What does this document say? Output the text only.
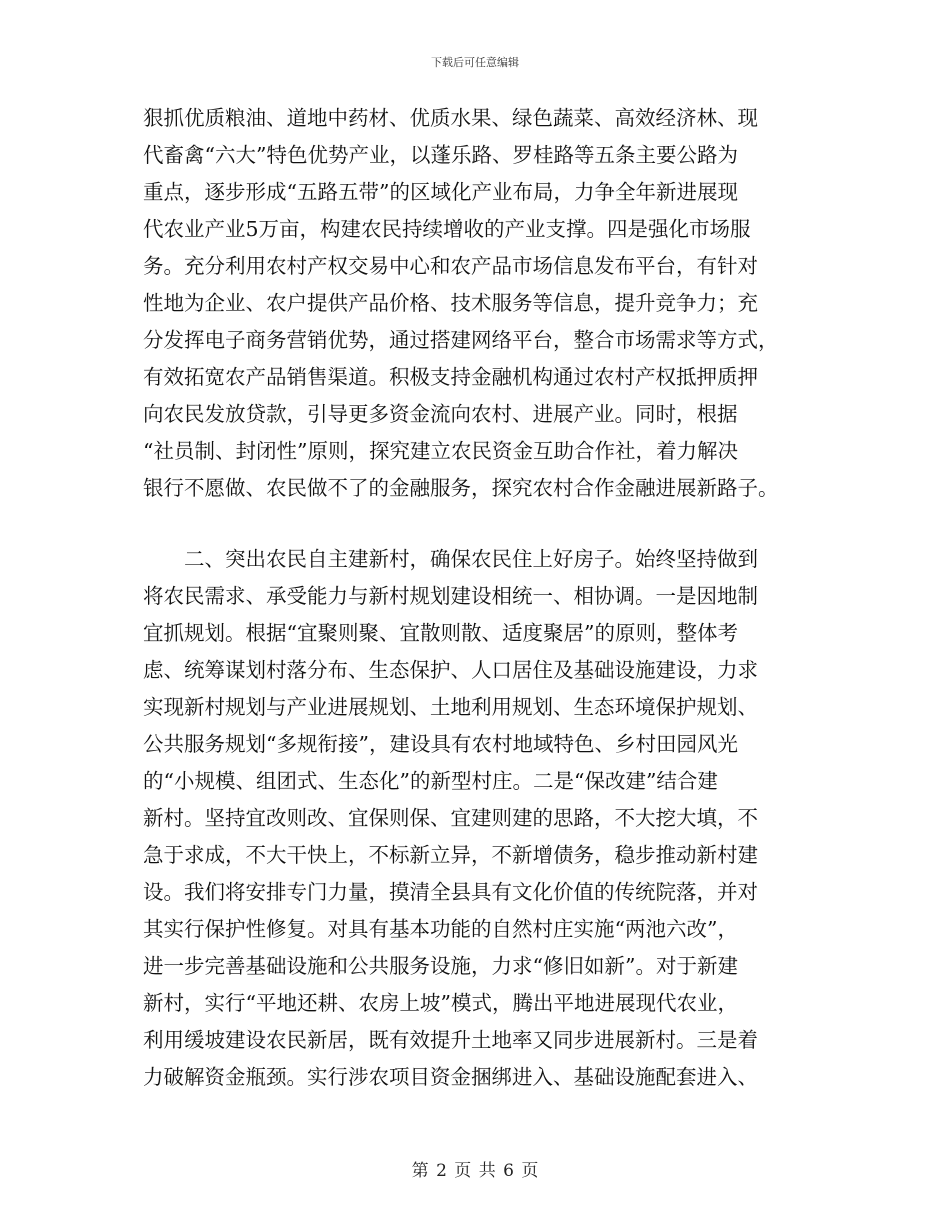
下载后可任意编辑
狠抓优质粮油、道地中药材、优质水果、绿色蔬菜、高效经济林、现
代畜禽“六大”特色优势产业，以蓬乐路、罗桂路等五条主要公路为
重点，逐步形成“五路五带”的区域化产业布局，力争全年新进展现
代农业产业5万亩，构建农民持续增收的产业支撑。四是强化市场服
务。充分利用农村产权交易中心和农产品市场信息发布平台，有针对
性地为企业、农户提供产品价格、技术服务等信息，提升竞争力；充
分发挥电子商务营销优势，通过搭建网络平台，整合市场需求等方式，
有效拓宽农产品销售渠道。积极支持金融机构通过农村产权抵押质押
向农民发放贷款，引导更多资金流向农村、进展产业。同时，根据
“社员制、封闭性”原则，探究建立农民资金互助合作社，着力解决
银行不愿做、农民做不了的金融服务，探究农村合作金融进展新路子。
　　二、突出农民自主建新村，确保农民住上好房子。始终坚持做到
将农民需求、承受能力与新村规划建设相统一、相协调。一是因地制
宜抓规划。根据“宜聚则聚、宜散则散、适度聚居”的原则，整体考
虑、统筹谋划村落分布、生态保护、人口居住及基础设施建设，力求
实现新村规划与产业进展规划、土地利用规划、生态环境保护规划、
公共服务规划“多规衔接”，建设具有农村地域特色、乡村田园风光
的“小规模、组团式、生态化”的新型村庄。二是“保改建”结合建
新村。坚持宜改则改、宜保则保、宜建则建的思路，不大挖大填，不
急于求成，不大干快上，不标新立异，不新增债务，稳步推动新村建
设。我们将安排专门力量，摸清全县具有文化价值的传统院落，并对
其实行保护性修复。对具有基本功能的自然村庄实施“两池六改”，
进一步完善基础设施和公共服务设施，力求“修旧如新”。对于新建
新村，实行“平地还耕、农房上坡”模式，腾出平地进展现代农业，
利用缓坡建设农民新居，既有效提升土地率又同步进展新村。三是着
力破解资金瓶颈。实行涉农项目资金捆绑进入、基础设施配套进入、
第 2 页 共 6 页
